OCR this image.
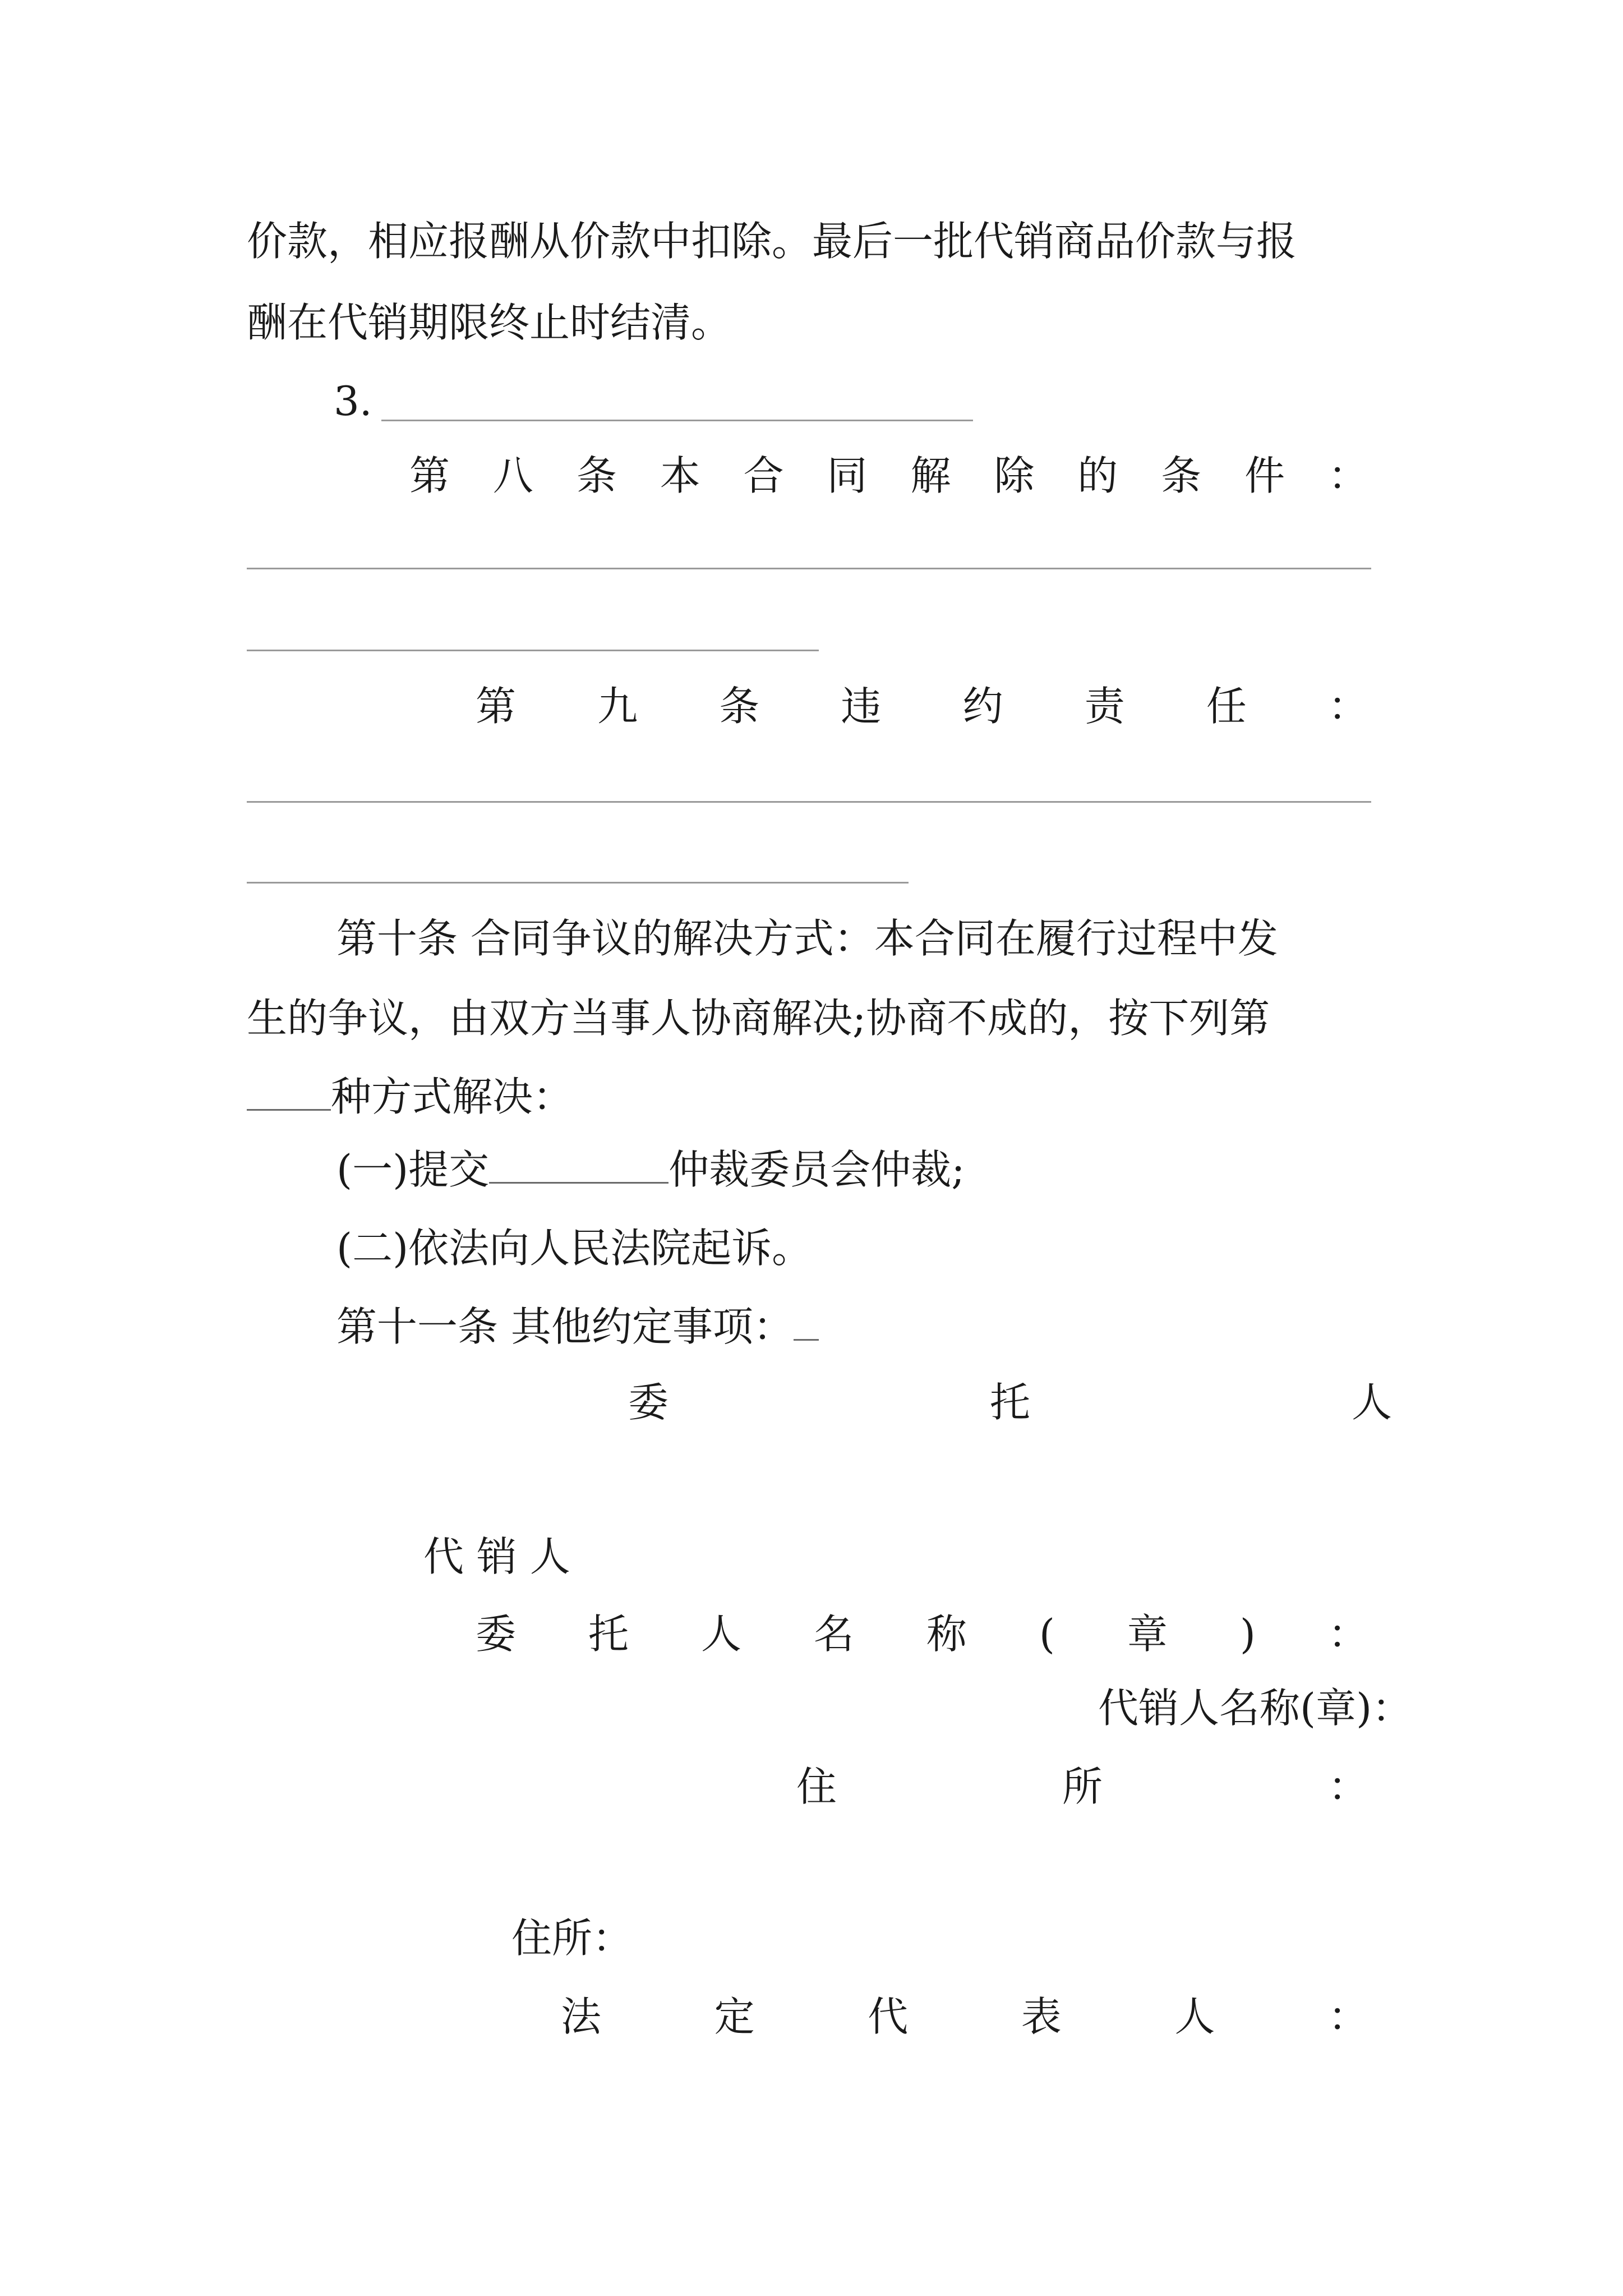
价款，相应报酬从价款中扣除。最后一批代销商品价款与报
酬在代销期限终止时结清。
3.
第 八 条 本 合 同 解 除 的 条 件 ：
第 九 条 违 约 责 任 ：
第十条 合同争议的解决方式：本合同在履行过程中发
生的争议，由双方当事人协商解决;协商不成的，按下列第
种方式解决：
(一)提交	仲裁委员会仲裁;
(二)依法向人民法院起诉。
第十一条 其他约定事项：
委	托	人
代 销 人
委 托 人 名 称 ( 章 ) ：
代销人名称(章)：
住	所	：
住所：
法	定	代	表	人	：
